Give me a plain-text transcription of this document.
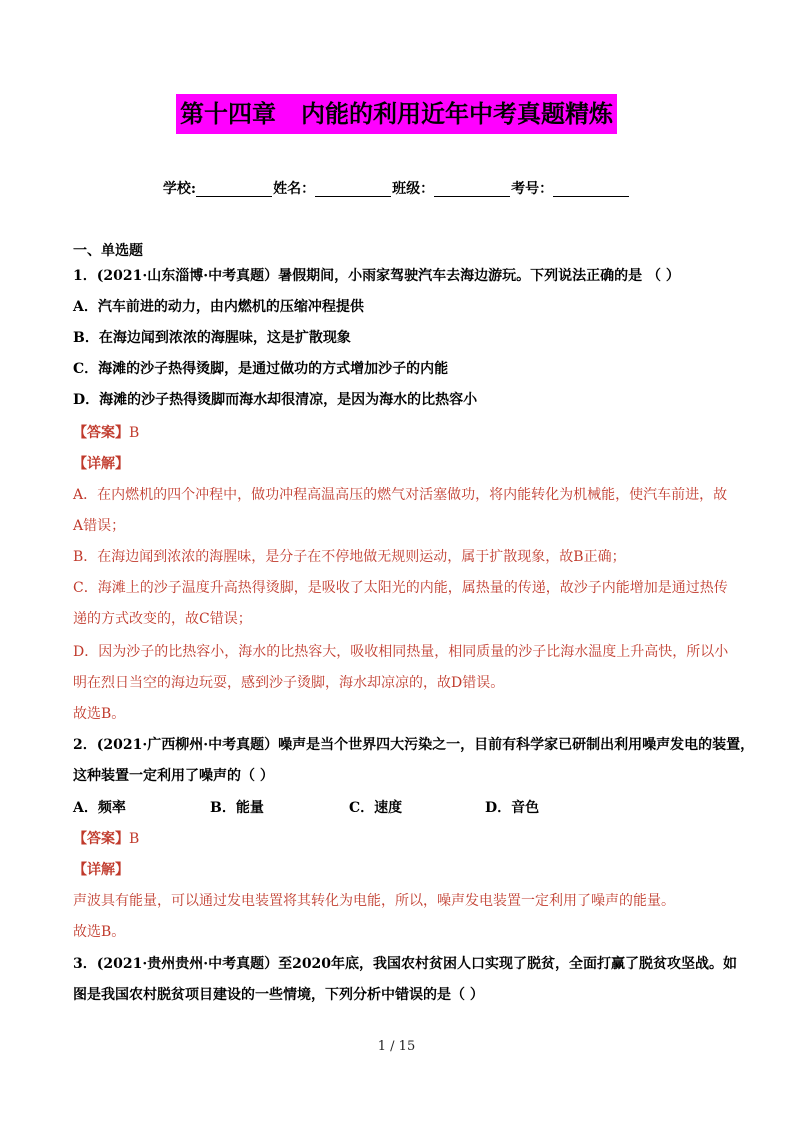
第十四章   内能的利用近年中考真题精炼
学校:	姓名：	班级：	考号：
一、单选题
1．(2021·山东淄博·中考真题）暑假期间，小雨家驾驶汽车去海边游玩。下列说法正确的是 （ ）
A．汽车前进的动力，由内燃机的压缩冲程提供
B．在海边闻到浓浓的海腥味，这是扩散现象
C．海滩的沙子热得烫脚，是通过做功的方式增加沙子的内能
D．海滩的沙子热得烫脚而海水却很清凉，是因为海水的比热容小
【答案】B
【详解】
A．在内燃机的四个冲程中，做功冲程高温高压的燃气对活塞做功，将内能转化为机械能，使汽车前进，故
A错误；
B．在海边闻到浓浓的海腥味，是分子在不停地做无规则运动，属于扩散现象，故B正确；
C．海滩上的沙子温度升高热得烫脚，是吸收了太阳光的内能，属热量的传递，故沙子内能增加是通过热传
递的方式改变的，故C错误；
D．因为沙子的比热容小，海水的比热容大，吸收相同热量，相同质量的沙子比海水温度上升高快，所以小
明在烈日当空的海边玩耍，感到沙子烫脚，海水却凉凉的，故D错误。
故选B。
2．(2021·广西柳州·中考真题）噪声是当个世界四大污染之一，目前有科学家已研制出利用噪声发电的装置，
这种装置一定利用了噪声的（ ）
A．频率	B．能量	C．速度	D．音色
【答案】B
【详解】
声波具有能量，可以通过发电装置将其转化为电能，所以，噪声发电装置一定利用了噪声的能量。
故选B。
3．(2021·贵州贵州·中考真题）至2020年底，我国农村贫困人口实现了脱贫，全面打赢了脱贫攻坚战。如
图是我国农村脱贫项目建设的一些情境，下列分析中错误的是（ ）
1 / 15
